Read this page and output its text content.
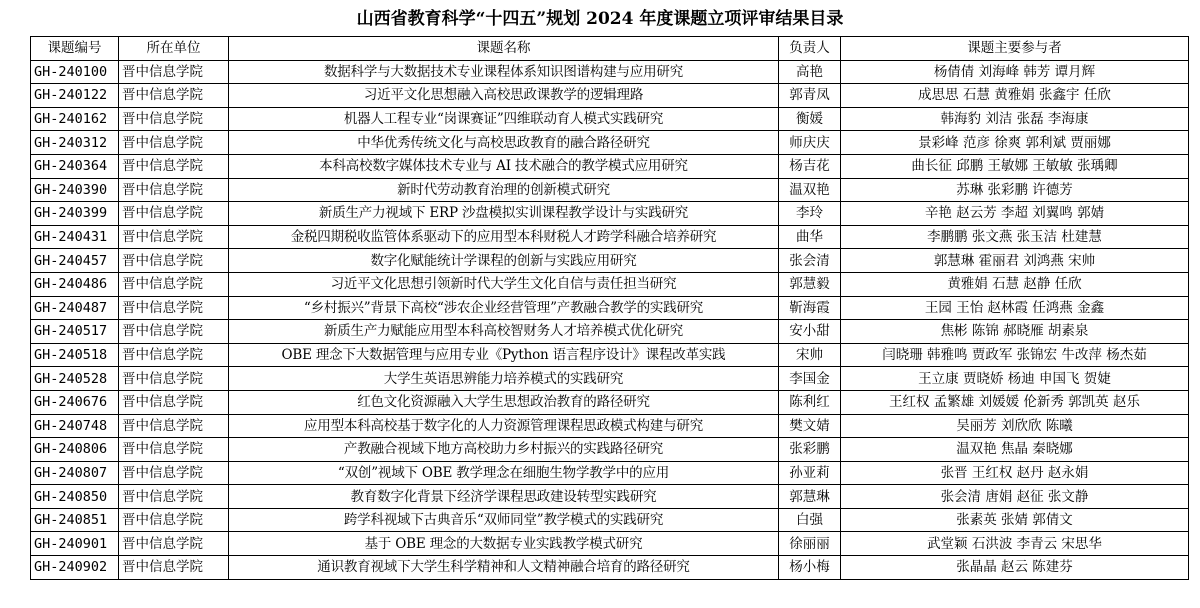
山西省教育科学“十四五”规划 2024 年度课题立项评审结果目录
课题编号	所在单位	课题名称	负责人	课题主要参与者
GH-240100	晋中信息学院	数据科学与大数据技术专业课程体系知识图谱构建与应用研究	高艳	杨倩倩 刘海峰 韩芳 谭月辉
GH-240122	晋中信息学院	习近平文化思想融入高校思政课教学的逻辑理路	郭青凤	成思思 石慧 黄雅娟 张鑫宇 任欣
GH-240162	晋中信息学院	机器人工程专业“岗课赛证”四维联动育人模式实践研究	衡媛	韩海豹 刘洁 张磊 李海康
GH-240312	晋中信息学院	中华优秀传统文化与高校思政教育的融合路径研究	师庆庆	景彩峰 范彦 徐爽 郭利斌 贾丽娜
GH-240364	晋中信息学院	本科高校数字媒体技术专业与 AI 技术融合的教学模式应用研究	杨吉花	曲长征 邱鹏 王敏娜 王敏敏 张瑀卿
GH-240390	晋中信息学院	新时代劳动教育治理的创新模式研究	温双艳	苏琳 张彩鹏 许德芳
GH-240399	晋中信息学院	新质生产力视域下 ERP 沙盘模拟实训课程教学设计与实践研究	李玲	辛艳 赵云芳 李超 刘翼鸣 郭婧
GH-240431	晋中信息学院	金税四期税收监管体系驱动下的应用型本科财税人才跨学科融合培养研究	曲华	李鹏鹏 张文燕 张玉洁 杜建慧
GH-240457	晋中信息学院	数字化赋能统计学课程的创新与实践应用研究	张会清	郭慧琳 霍丽君 刘鸿燕 宋帅
GH-240486	晋中信息学院	习近平文化思想引领新时代大学生文化自信与责任担当研究	郭慧毅	黄雅娟 石慧 赵静 任欣
GH-240487	晋中信息学院	“乡村振兴”背景下高校“涉农企业经营管理”产教融合教学的实践研究	靳海霞	王园 王怡 赵林霞 任鸿燕 金鑫
GH-240517	晋中信息学院	新质生产力赋能应用型本科高校智财务人才培养模式优化研究	安小甜	焦彬 陈锦 郝晓雁 胡素泉
GH-240518	晋中信息学院	OBE 理念下大数据管理与应用专业《Python 语言程序设计》课程改革实践	宋帅	闫晓珊 韩雅鸣 贾政军 张锦宏 牛改萍 杨杰茹
GH-240528	晋中信息学院	大学生英语思辨能力培养模式的实践研究	李国金	王立康 贾晓娇 杨迪 申国飞 贺婕
GH-240676	晋中信息学院	红色文化资源融入大学生思想政治教育的路径研究	陈利红	王红权 孟繁雄 刘媛媛 伦新秀 郭凯英 赵乐
GH-240748	晋中信息学院	应用型本科高校基于数字化的人力资源管理课程思政模式构建与研究	樊文婧	吴丽芳 刘欣欣 陈曦
GH-240806	晋中信息学院	产教融合视域下地方高校助力乡村振兴的实践路径研究	张彩鹏	温双艳 焦晶 秦晓娜
GH-240807	晋中信息学院	“双创”视域下 OBE 教学理念在细胞生物学教学中的应用	孙亚莉	张晋 王红权 赵丹 赵永娟
GH-240850	晋中信息学院	教育数字化背景下经济学课程思政建设转型实践研究	郭慧琳	张会清 唐娟 赵征 张文静
GH-240851	晋中信息学院	跨学科视域下古典音乐“双师同堂”教学模式的实践研究	白强	张素英 张婧 郭倩文
GH-240901	晋中信息学院	基于 OBE 理念的大数据专业实践教学模式研究	徐丽丽	武堂颖 石洪波 李青云 宋思华
GH-240902	晋中信息学院	通识教育视域下大学生科学精神和人文精神融合培育的路径研究	杨小梅	张晶晶 赵云 陈建芬
